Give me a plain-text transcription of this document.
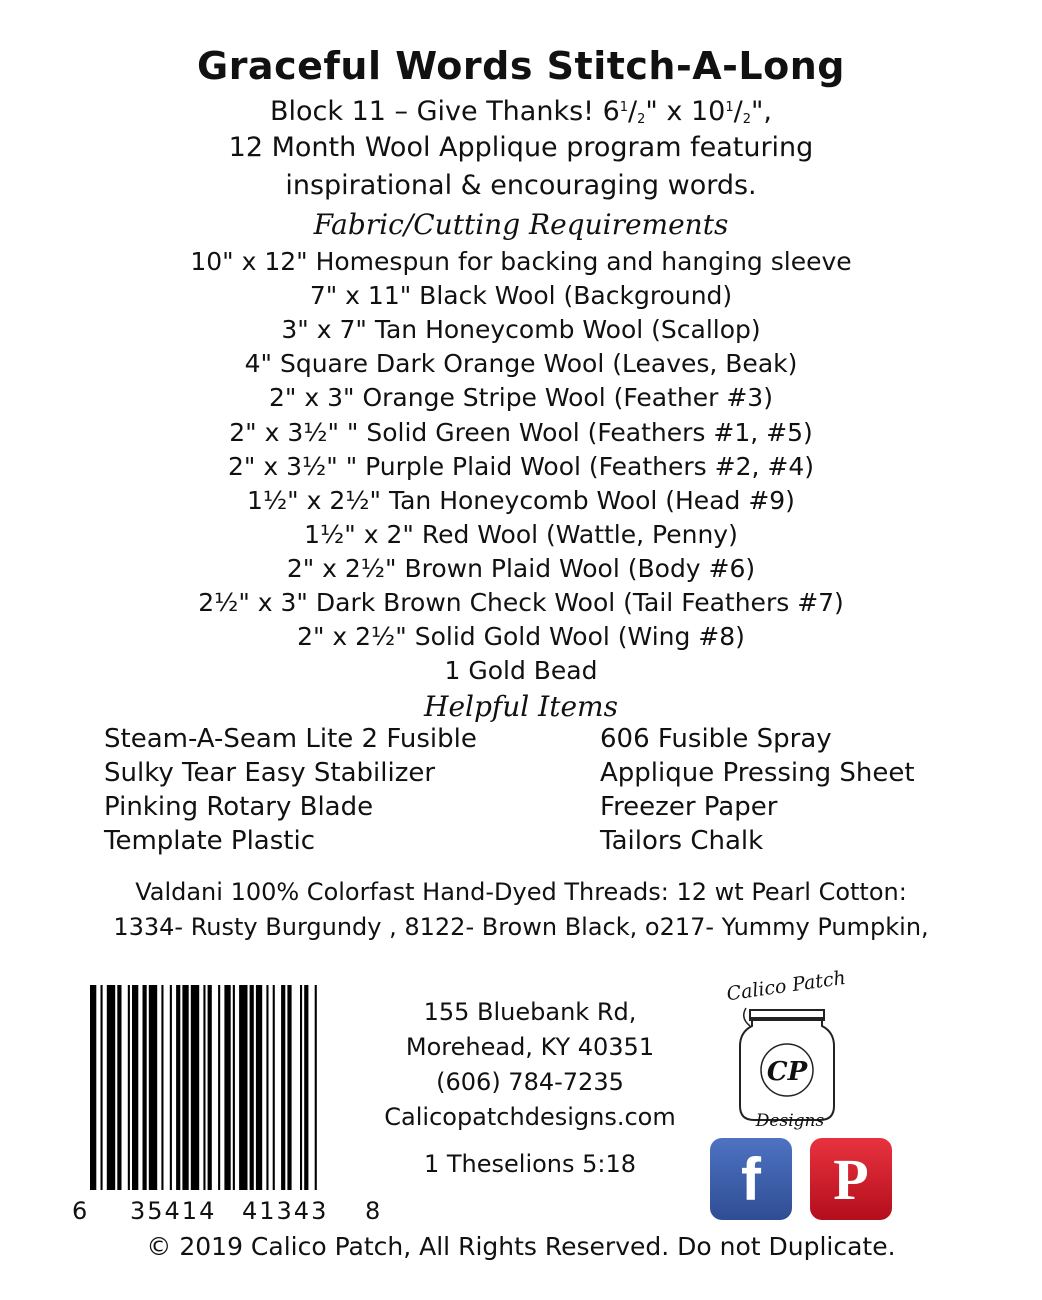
Graceful Words Stitch-A-Long
Block 11 – Give Thanks! $6^1/_2$" x $10^1/_2$",
12 Month Wool Applique program featuring
inspirational & encouraging words.
Fabric/Cutting Requirements
10" x 12" Homespun for backing and hanging sleeve
7" x 11" Black Wool (Background)
3" x 7" Tan Honeycomb Wool (Scallop)
4" Square Dark Orange Wool (Leaves, Beak)
2" x 3" Orange Stripe Wool (Feather #3)
2" x 3½" " Solid Green Wool (Feathers #1, #5)
2" x 3½" " Purple Plaid Wool (Feathers #2, #4)
1½" x 2½" Tan Honeycomb Wool (Head #9)
1½" x 2" Red Wool (Wattle, Penny)
2" x 2½" Brown Plaid Wool (Body #6)
2½" x 3" Dark Brown Check Wool (Tail Feathers #7)
2" x 2½" Solid Gold Wool (Wing #8)
1 Gold Bead
Helpful Items
Steam-A-Seam Lite 2 Fusible
Sulky Tear Easy Stabilizer
Pinking Rotary Blade
Template Plastic
606 Fusible Spray
Applique Pressing Sheet
Freezer Paper
Tailors Chalk
Valdani 100% Colorfast Hand-Dyed Threads: 12 wt Pearl Cotton:
1334- Rusty Burgundy , 8122- Brown Black, o217- Yummy Pumpkin,
6 35414 41343 8
155 Bluebank Rd,
Morehead, KY 40351
(606) 784-7235
Calicopatchdesigns.com
1 Theselions 5:18
Calico Patch
CP
Designs
f	P
© 2019 Calico Patch, All Rights Reserved. Do not Duplicate.
